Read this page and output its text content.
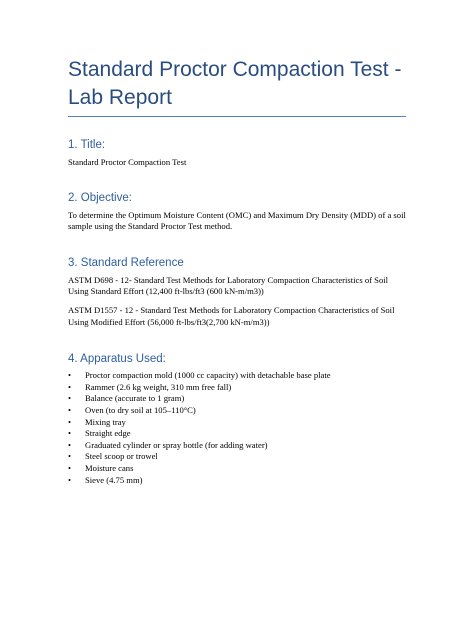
Standard Proctor Compaction Test - Lab Report
1. Title:

Standard Proctor Compaction Test

2. Objective:

To determine the Optimum Moisture Content (OMC) and Maximum Dry Density (MDD) of a soil sample using the Standard Proctor Test method.

3. Standard Reference

ASTM D698 - 12- Standard Test Methods for Laboratory Compaction Characteristics of Soil Using Standard Effort (12,400 ft-lbs/ft3 (600 kN-m/m3))

ASTM D1557 - 12 - Standard Test Methods for Laboratory Compaction Characteristics of Soil Using Modified Effort (56,000 ft-lbs/ft3(2,700 kN-m/m3))

4. Apparatus Used:
• Proctor compaction mold (1000 cc capacity) with detachable base plate
• Rammer (2.6 kg weight, 310 mm free fall)
• Balance (accurate to 1 gram)
• Oven (to dry soil at 105–110°C)
• Mixing tray
• Straight edge
• Graduated cylinder or spray bottle (for adding water)
• Steel scoop or trowel
• Moisture cans
• Sieve (4.75 mm)
